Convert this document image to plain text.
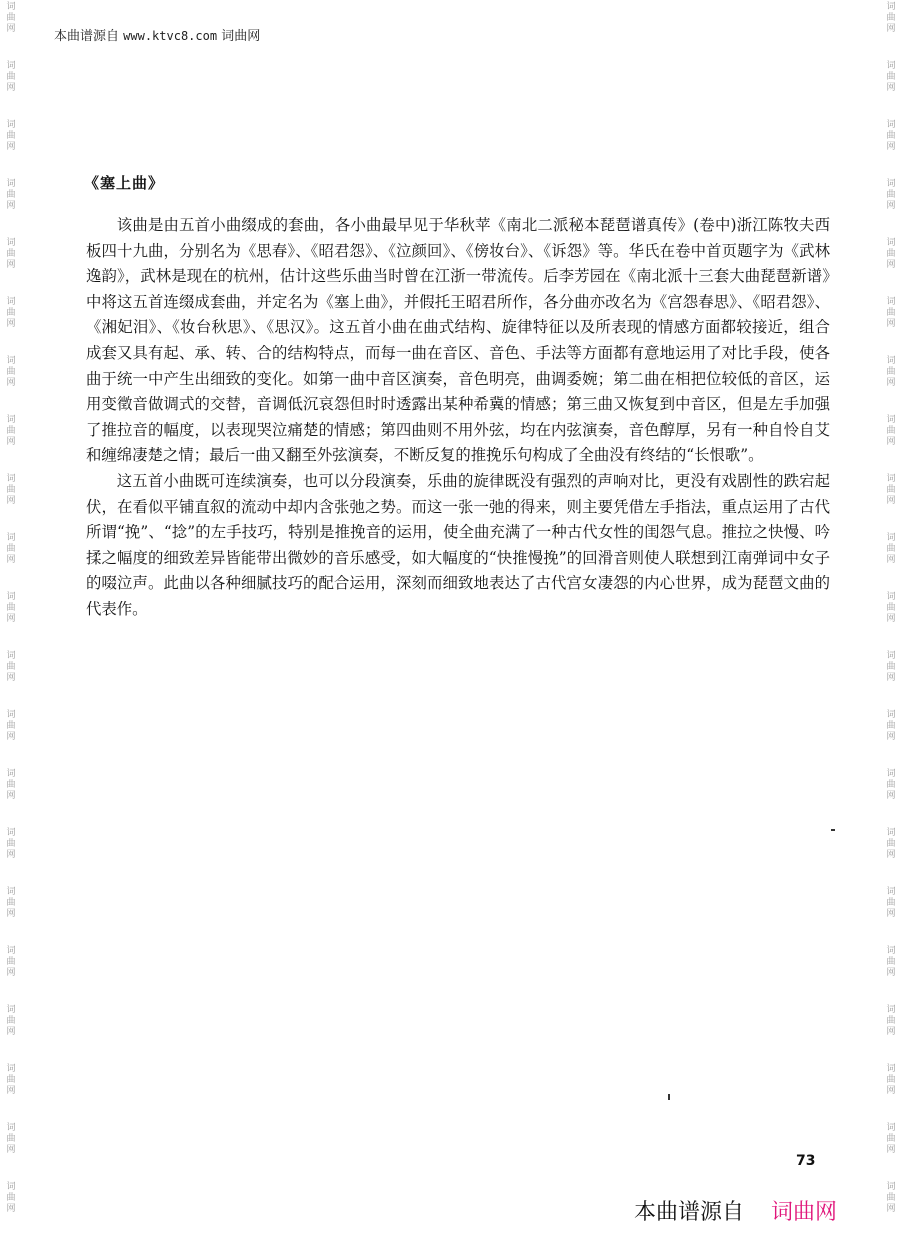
词
曲
网
词
曲
网
词
曲
网
词
曲
网
词
曲
网
词
曲
网
词
曲
网
词
曲
网
词
曲
网
词
曲
网
词
曲
网
词
曲
网
词
曲
网
词
曲
网
词
曲
网
词
曲
网
词
曲
网
词
曲
网
词
曲
网
词
曲
网
词
曲
网
词
曲
网
词
曲
网
词
曲
网
词
曲
网
词
曲
网
词
曲
网
词
曲
网
词
曲
网
词
曲
网
词
曲
网
词
曲
网
词
曲
网
词
曲
网
词
曲
网
词
曲
网
词
曲
网
词
曲
网
词
曲
网
词
曲
网
词
曲
网
词
曲
网
本曲谱源自 www.ktvc8.com 词曲网
《塞上曲》

该曲是由五首小曲缀成的套曲，各小曲最早见于华秋苹《南北二派秘本琵琶谱真传》(卷中)浙江陈牧夫西板四十九曲，分别名为《思春》、《昭君怨》、《泣颜回》、《傍妆台》、《诉怨》等。华氏在卷中首页题字为《武林逸韵》，武林是现在的杭州，估计这些乐曲当时曾在江浙一带流传。后李芳园在《南北派十三套大曲琵琶新谱》中将这五首连缀成套曲，并定名为《塞上曲》，并假托王昭君所作，各分曲亦改名为《宫怨春思》、《昭君怨》、《湘妃泪》、《妆台秋思》、《思汉》。这五首小曲在曲式结构、旋律特征以及所表现的情感方面都较接近，组合成套又具有起、承、转、合的结构特点，而每一曲在音区、音色、手法等方面都有意地运用了对比手段，使各曲于统一中产生出细致的变化。如第一曲中音区演奏，音色明亮，曲调委婉；第二曲在相把位较低的音区，运用变徵音做调式的交替，音调低沉哀怨但时时透露出某种希冀的情感；第三曲又恢复到中音区，但是左手加强了推拉音的幅度，以表现哭泣痛楚的情感；第四曲则不用外弦，均在内弦演奏，音色醇厚，另有一种自怜自艾和缠绵凄楚之情；最后一曲又翻至外弦演奏，不断反复的推挽乐句构成了全曲没有终结的“长恨歌”。

这五首小曲既可连续演奏，也可以分段演奏，乐曲的旋律既没有强烈的声响对比，更没有戏剧性的跌宕起伏，在看似平铺直叙的流动中却内含张弛之势。而这一张一弛的得来，则主要凭借左手指法，重点运用了古代所谓“挽”、“捻”的左手技巧，特别是推挽音的运用，使全曲充满了一种古代女性的闺怨气息。推拉之快慢、吟揉之幅度的细致差异皆能带出微妙的音乐感受，如大幅度的“快推慢挽”的回滑音则使人联想到江南弹词中女子的啜泣声。此曲以各种细腻技巧的配合运用，深刻而细致地表达了古代宫女凄怨的内心世界，成为琵琶文曲的代表作。

73
本曲谱源自 词曲网
